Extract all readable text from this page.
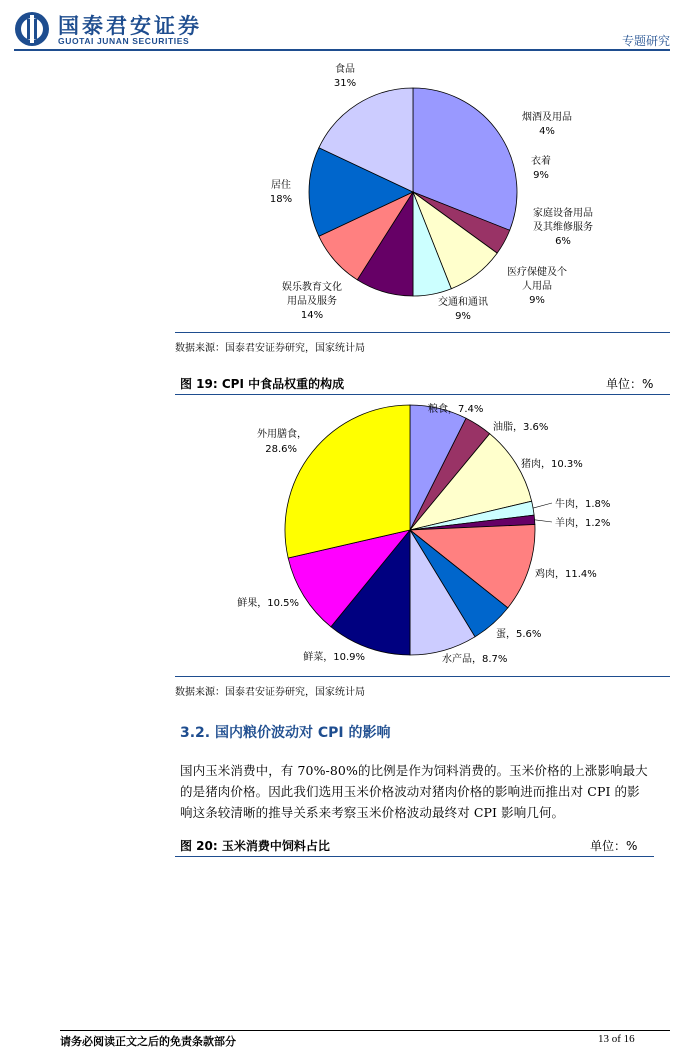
国泰君安证券
GUOTAI JUNAN SECURITIES	专题研究
食品 31%
烟酒及用品 4%
衣着 9%
家庭设备用品及其维修服务 6%
医疗保健及个人用品 9%
交通和通讯 9%
娱乐教育文化用品及服务 14%
居住 18%
数据来源：国泰君安证券研究，国家统计局
图 19: CPI 中食品权重的构成	单位：%
粮食，7.4%
油脂，3.6%
猪肉，10.3%
牛肉，1.8%
羊肉，1.2%
鸡肉，11.4%
蛋，5.6%
水产品，8.7%
鲜菜，10.9%
鲜果，10.5%
外用膳食， 28.6%
数据来源：国泰君安证券研究，国家统计局
3.2. 国内粮价波动对 CPI 的影响
国内玉米消费中，有 70%-80%的比例是作为饲料消费的。玉米价格的上涨影响最大的是猪肉价格。因此我们选用玉米价格波动对猪肉价格的影响进而推出对 CPI 的影响这条较清晰的推导关系来考察玉米价格波动最终对 CPI 影响几何。
图 20: 玉米消费中饲料占比	单位：%
请务必阅读正文之后的免责条款部分	13 of 16
